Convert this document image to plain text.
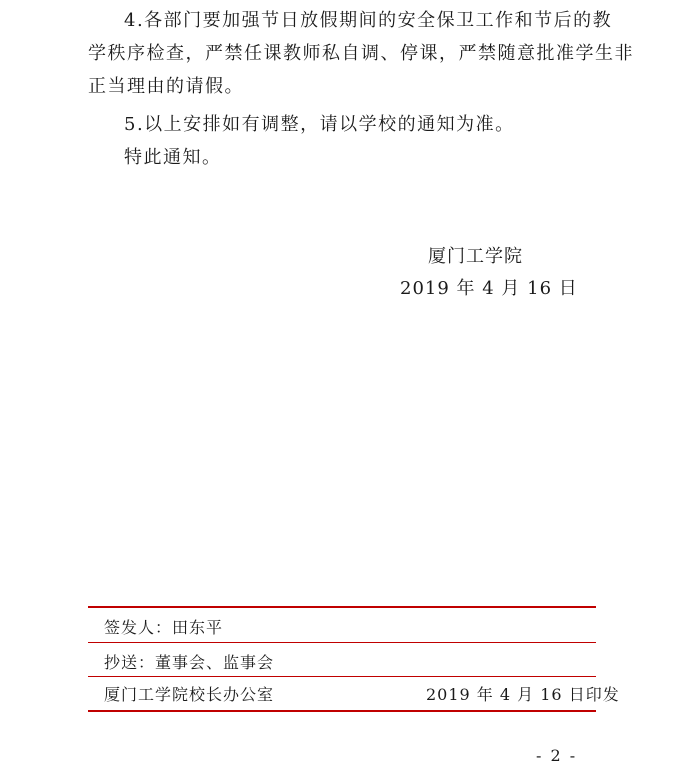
4.各部门要加强节日放假期间的安全保卫工作和节后的教
学秩序检查，严禁任课教师私自调、停课，严禁随意批准学生非
正当理由的请假。
5.以上安排如有调整，请以学校的通知为准。
特此通知。
厦门工学院
2019 年 4 月 16 日
签发人：田东平
抄送：董事会、监事会
厦门工学院校长办公室	2019 年 4 月 16 日印发
- 2 -
